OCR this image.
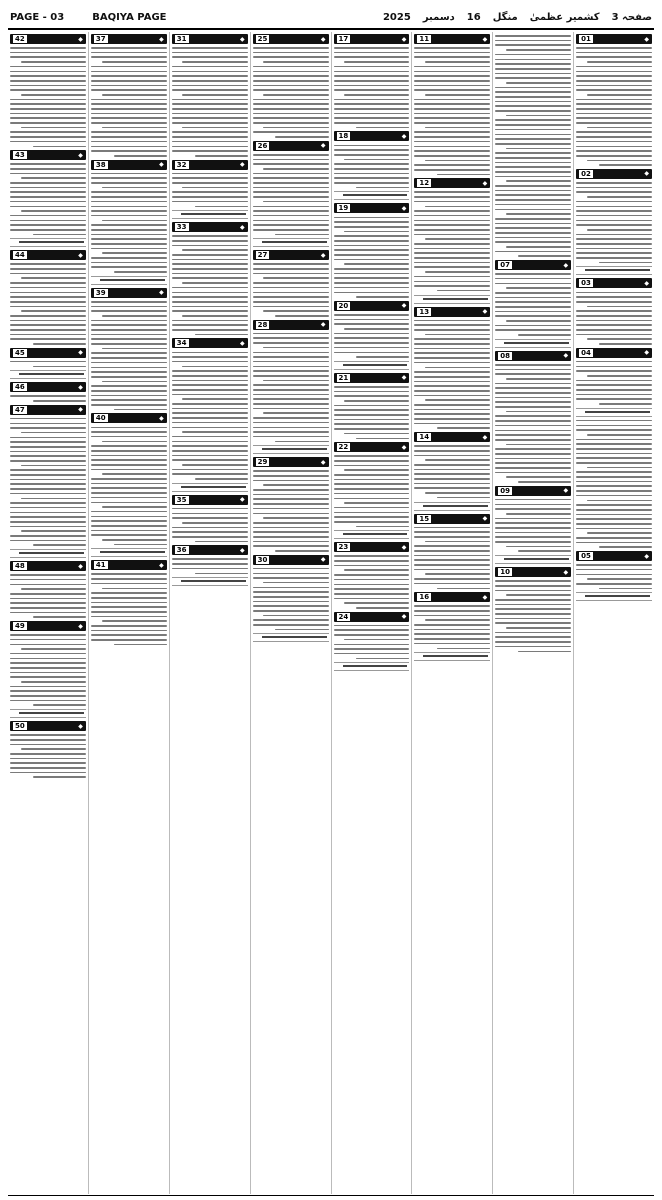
PAGE - 03	BAQIYA PAGE	صفحہ 3
کشمیر عظمیٰ
منگل
16
دسمبر
2025
01	◆
02	◆
03	◆
04	◆
05	◆
07	◆
08	◆
09	◆
10	◆
11	◆
12	◆
13	◆
14	◆
15	◆
16	◆
17	◆
18	◆
19	◆
20	◆
21	◆
22	◆
23	◆
24	◆
25	◆
26	◆
27	◆
28	◆
29	◆
30	◆
31	◆
32	◆
33	◆
34	◆
35	◆
36	◆
37	◆
38	◆
39	◆
40	◆
41	◆
42	◆
43	◆
44	◆
45	◆
46	◆
47	◆
48	◆
49	◆
50	◆
